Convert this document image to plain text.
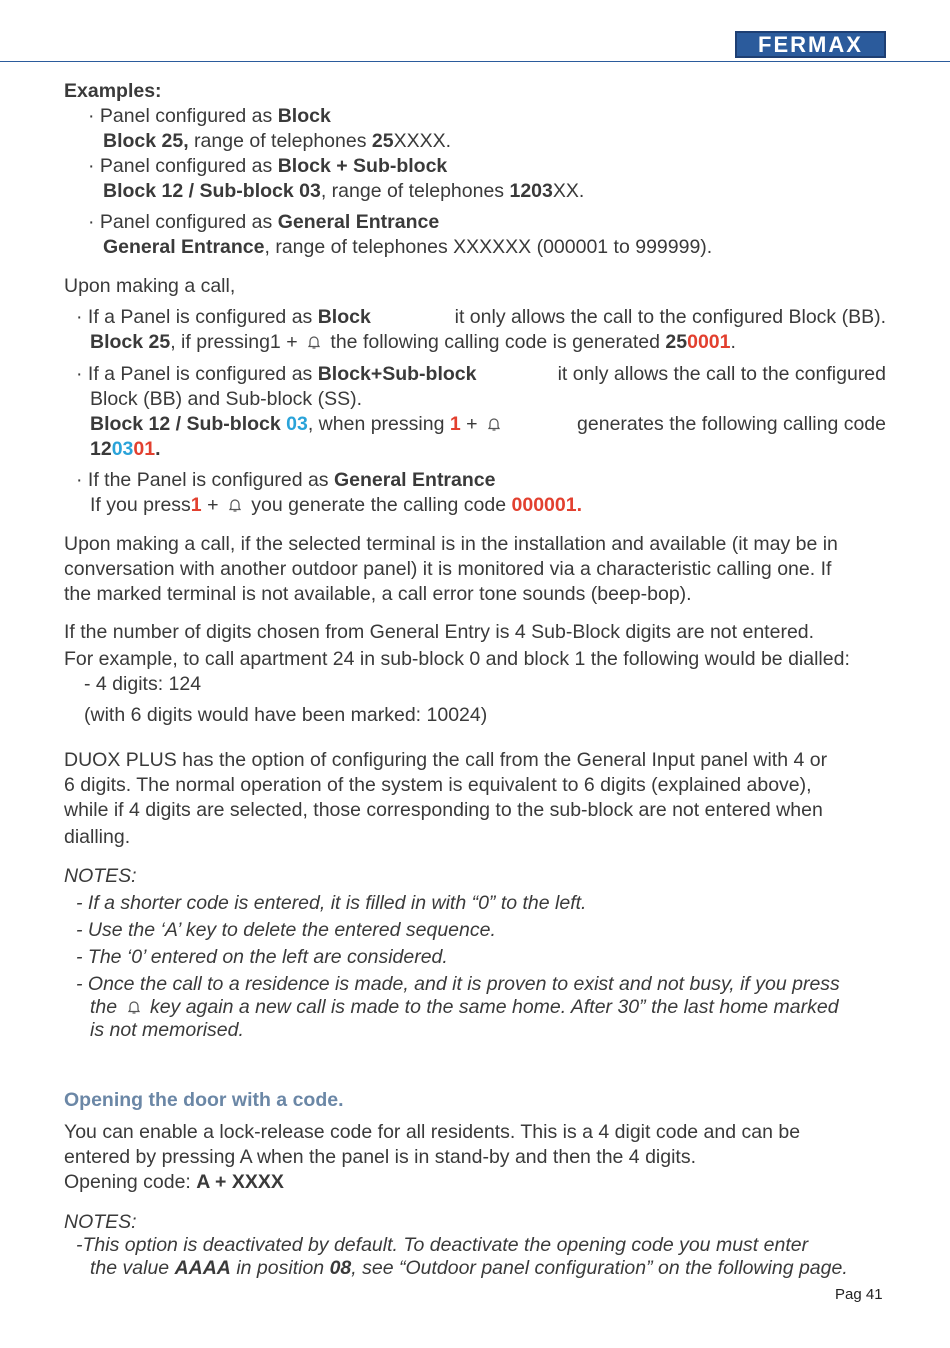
FERMAX
Examples:
· Panel configured as Block
Block 25, range of telephones 25XXXX.
· Panel configured as Block + Sub-block
Block 12 / Sub-block 03, range of telephones 1203XX.
· Panel configured as General Entrance
General Entrance, range of telephones XXXXXX (000001 to 999999).
Upon making a call,
· If a Panel is configured as Block	it only allows the call to the configured Block (BB).
Block 25, if pressing1 +  the following calling code is generated 250001.
· If a Panel is configured as Block+Sub-block	it only allows the call to the configured
Block (BB) and Sub-block (SS).
Block 12 / Sub-block 03, when pressing 1 +	generates the following calling code
120301.
· If the Panel is configured as General Entrance
If you press1 +  you generate the calling code 000001.
Upon making a call, if the selected terminal is in the installation and available (it may be in
conversation with another outdoor panel) it is monitored via a characteristic calling one. If
the marked terminal is not available, a call error tone sounds (beep-bop).
If the number of digits chosen from General Entry is 4 Sub-Block digits are not entered.
For example, to call apartment 24 in sub-block 0 and block 1 the following would be dialled:
- 4 digits: 124
(with 6 digits would have been marked: 10024)
DUOX PLUS has the option of configuring the call from the General Input panel with 4 or
6 digits. The normal operation of the system is equivalent to 6 digits (explained above),
while if 4 digits are selected, those corresponding to the sub-block are not entered when
dialling.
NOTES:
- If a shorter code is entered, it is filled in with “0” to the left.
- Use the ‘A’ key to delete the entered sequence.
- The ‘0’ entered on the left are considered.
- Once the call to a residence is made, and it is proven to exist and not busy, if you press
the  key again a new call is made to the same home. After 30” the last home marked
is not memorised.
Opening the door with a code.
You can enable a lock-release code for all residents. This is a 4 digit code and can be
entered by pressing A when the panel is in stand-by and then the 4 digits.
Opening code: A + XXXX
NOTES:
-This option is deactivated by default. To deactivate the opening code you must enter
the value AAAA in position 08, see “Outdoor panel configuration” on the following page.
Pag 41
